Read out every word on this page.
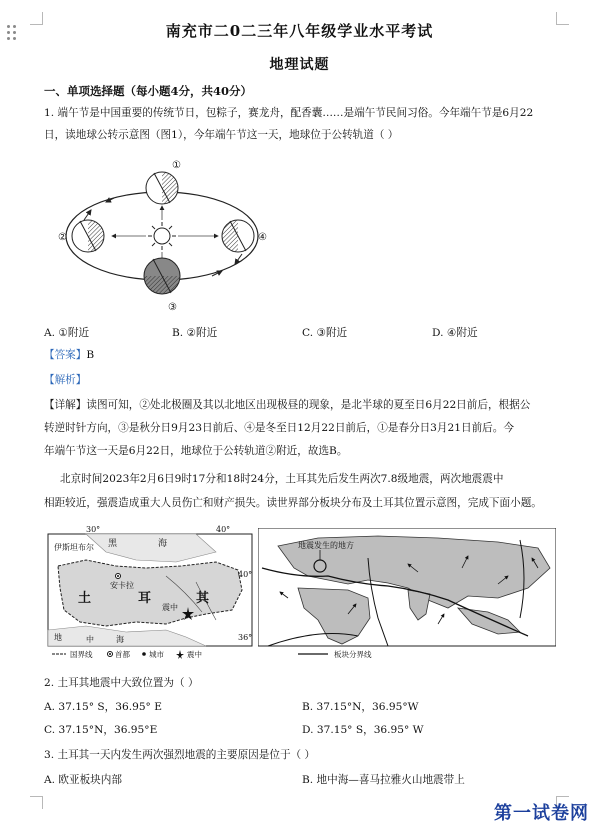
南充市二0二三年八年级学业水平考试
地理试题
一、单项选择题（每小题4分，共40分）
1. 端午节是中国重要的传统节日，包粽子，赛龙舟，配香囊……是端午节民间习俗。今年端午节是6月22
日，读地球公转示意图（图1），今年端午节这一天，地球位于公转轨道（ ）
①
②
③
④
A. ①附近	B. ②附近	C. ③附近	D. ④附近
【答案】B
【解析】
【详解】读图可知，②处北极圈及其以北地区出现极昼的现象，是北半球的夏至日6月22日前后，根据公
转逆时针方向，③是秋分日9月23日前后、④是冬至日12月22日前后，①是春分日3月21日前后。今
年端午节这一天是6月22日，地球位于公转轨道②附近，故选B。
北京时间2023年2月6日9时17分和18时24分，土耳其先后发生两次7.8级地震，两次地震震中
相距较近，强震造成重大人员伤亡和财产损失。读世界部分板块分布及土耳其位置示意图，完成下面小题。
30°	40°
40°
36°
伊斯坦布尔 黑	海
安卡拉
土	耳	其
震中
地	中	海
国界线	首都	城市	震中
地震发生的地方
板块分界线
2. 土耳其地震中大致位置为（ ）
A. 37.15° S，36.95° E	B. 37.15°N，36.95°W
C. 37.15°N，36.95°E	D. 37.15° S，36.95° W
3. 土耳其一天内发生两次强烈地震的主要原因是位于（ ）
A. 欧亚板块内部	B. 地中海—喜马拉雅火山地震带上
第一试卷网
